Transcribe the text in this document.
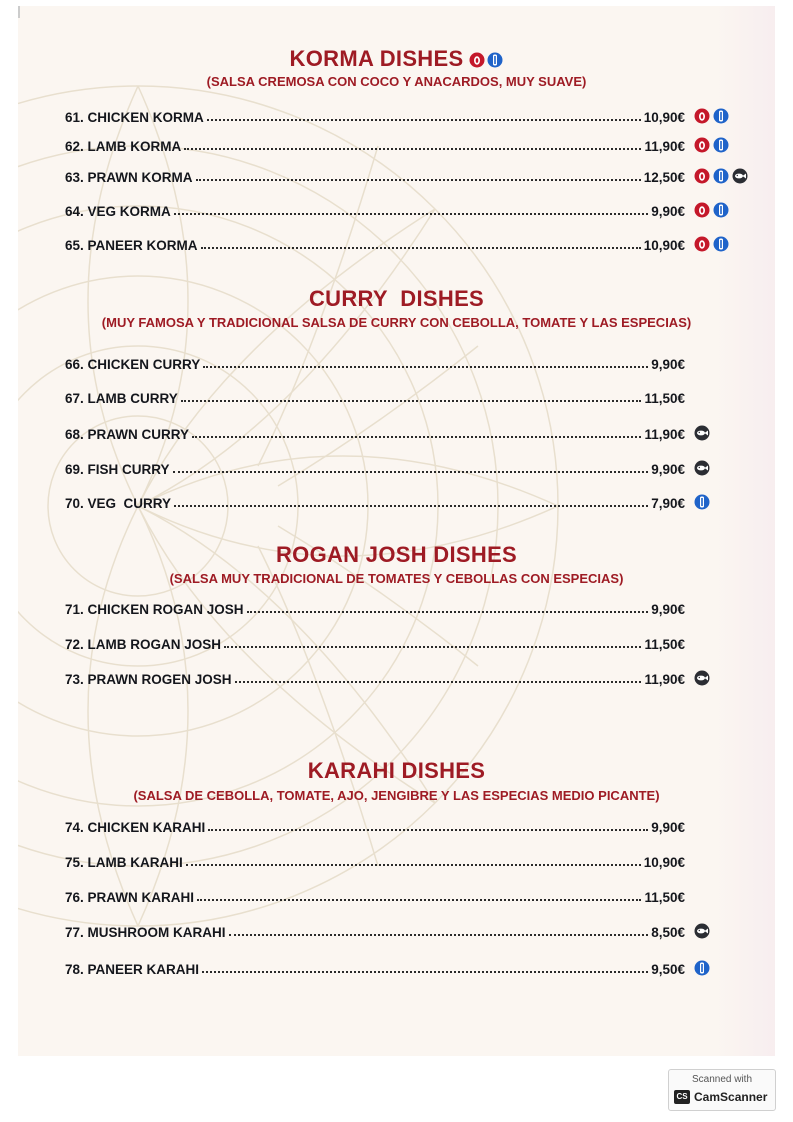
KORMA DISHES
(SALSA CREMOSA CON COCO Y ANACARDOS, MUY SUAVE)
61. CHICKEN KORMA	10,90€
62. LAMB KORMA	11,90€
63. PRAWN KORMA	12,50€
64. VEG KORMA	9,90€
65. PANEER KORMA	10,90€
CURRY  DISHES
(MUY FAMOSA Y TRADICIONAL SALSA DE CURRY CON CEBOLLA, TOMATE Y LAS ESPECIAS)
66. CHICKEN CURRY	9,90€
67. LAMB CURRY	11,50€
68. PRAWN CURRY	11,90€
69. FISH CURRY	9,90€
70. VEG  CURRY	7,90€
ROGAN JOSH DISHES
(SALSA MUY TRADICIONAL DE TOMATES Y CEBOLLAS CON ESPECIAS)
71. CHICKEN ROGAN JOSH	9,90€
72. LAMB ROGAN JOSH	11,50€
73. PRAWN ROGEN JOSH	11,90€
KARAHI DISHES
(SALSA DE CEBOLLA, TOMATE, AJO, JENGIBRE Y LAS ESPECIAS MEDIO PICANTE)
74. CHICKEN KARAHI	9,90€
75. LAMB KARAHI	10,90€
76. PRAWN KARAHI	11,50€
77. MUSHROOM KARAHI	8,50€
78. PANEER KARAHI	9,50€
Scanned with
CS CamScanner
